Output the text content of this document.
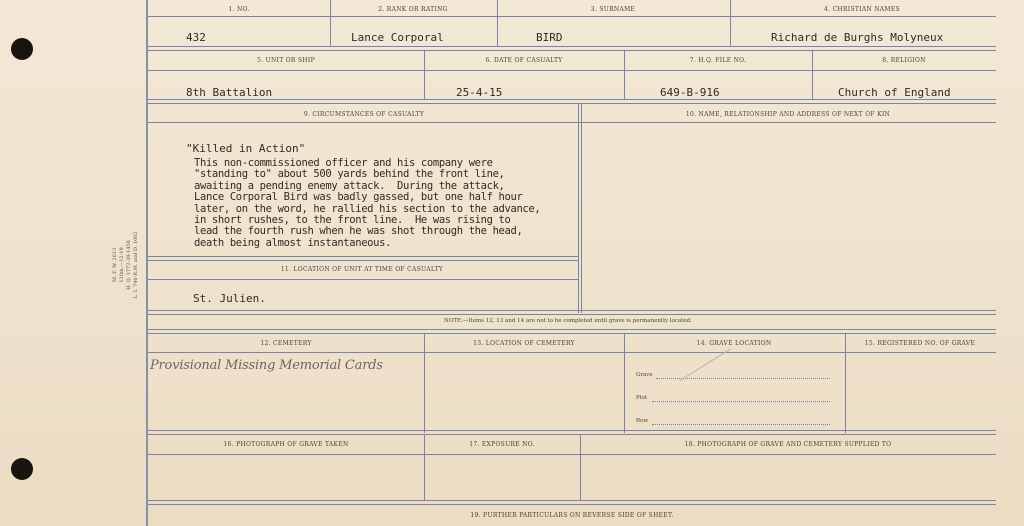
M. F. W. 2613 120m.—12-19 H. Q. 1772-39-1458 L. I. 746-R.M. and D. 1002
1. NO.	2. RANK OR RATING	3. SURNAME	4. CHRISTIAN NAMES
432	Lance Corporal	BIRD	Richard de Burghs Molyneux
5. UNIT OR SHIP	6. DATE OF CASUALTY	7. H.Q. FILE NO.	8. RELIGION
8th Battalion	25-4-15	649-B-916	Church of England
9. CIRCUMSTANCES OF CASUALTY	10. NAME, RELATIONSHIP AND ADDRESS OF NEXT OF KIN
"Killed in Action"
This non-commissioned officer and his company were
"standing to" about 500 yards behind the front line,
awaiting a pending enemy attack.  During the attack,
Lance Corporal Bird was badly gassed, but one half hour
later, on the word, he rallied his section to the advance,
in short rushes, to the front line.  He was rising to
lead the fourth rush when he was shot through the head,
death being almost instantaneous.
11. LOCATION OF UNIT AT TIME OF CASUALTY
St. Julien.
NOTE:—Items 12, 13 and 14 are not to be completed until grave is permanently located.
12. CEMETERY	13. LOCATION OF CEMETERY	14. GRAVE LOCATION	15. REGISTERED NO. OF GRAVE
Provisional Missing Memorial Cards
Grave
Plot
Row
16. PHOTOGRAPH OF GRAVE TAKEN	17. EXPOSURE NO.	18. PHOTOGRAPH OF GRAVE AND CEMETERY SUPPLIED TO
19. FURTHER PARTICULARS ON REVERSE SIDE OF SHEET.
